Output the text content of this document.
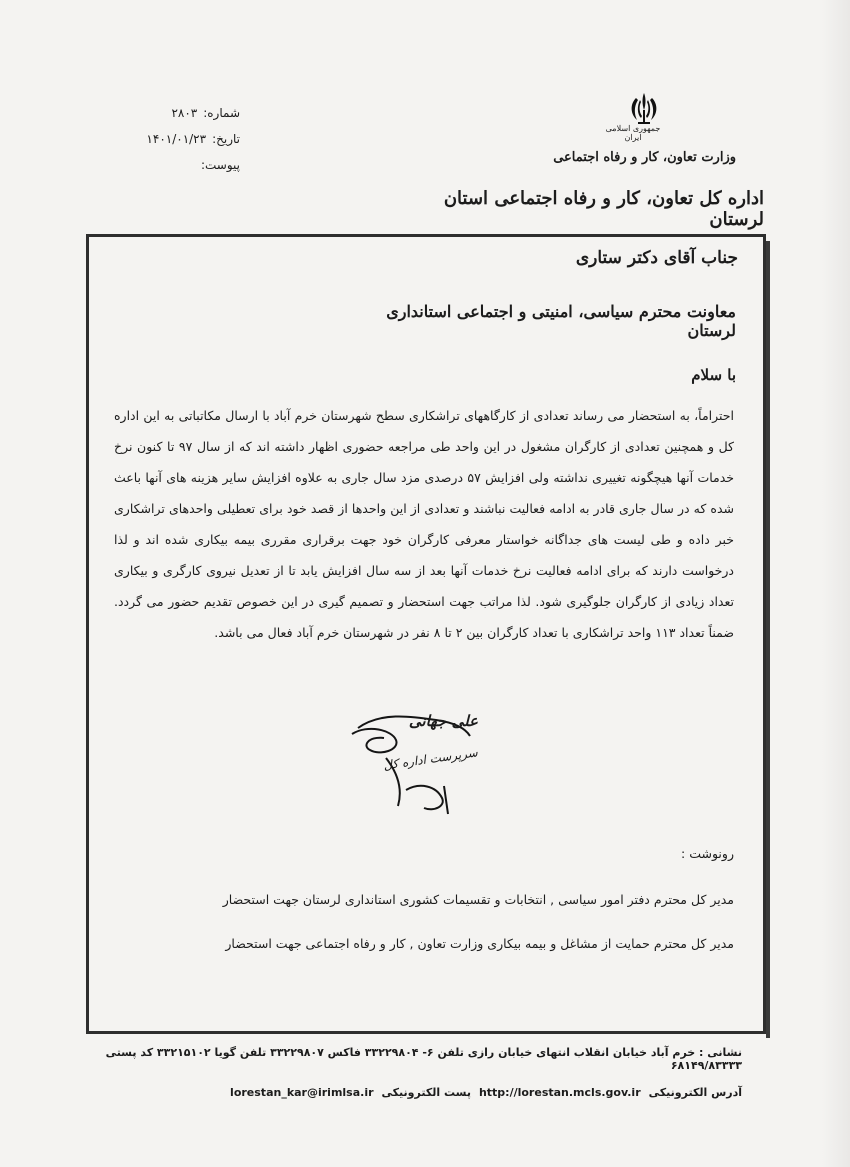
شماره:
۲۸۰۳
تاریخ:
۱۴۰۱/۰۱/۲۳
پیوست:
جمهوری اسلامی ایران
وزارت تعاون، کار و رفاه اجتماعی
اداره کل تعاون، کار و رفاه اجتماعی استان لرستان
جناب آقای دکتر ستاری
معاونت محترم سیاسی، امنیتی و اجتماعی استانداری لرستان
با سلام
احتراماً، به استحضار می رساند تعدادی از کارگاههای تراشکاری سطح شهرستان خرم آباد با ارسال مکاتباتی به این اداره کل و همچنین تعدادی از کارگران مشغول در این واحد طی مراجعه حضوری اظهار داشته اند که از سال ۹۷ تا کنون نرخ خدمات آنها هیچگونه تغییری نداشته ولی افزایش ۵۷ درصدی مزد سال جاری به علاوه افزایش سایر هزینه های آنها باعث شده که در سال جاری قادر به ادامه فعالیت نباشند و تعدادی از این واحدها از قصد خود برای تعطیلی واحدهای تراشکاری خبر داده و طی لیست های جداگانه خواستار معرفی کارگران خود جهت برقراری مقرری بیمه بیکاری شده اند و لذا درخواست دارند که برای ادامه فعالیت نرخ خدمات آنها بعد از سه سال افزایش یابد تا از تعدیل نیروی کارگری و بیکاری تعداد زیادی از کارگران جلوگیری شود. لذا مراتب جهت استحضار و تصمیم گیری در این خصوص تقدیم حضور می گردد. ضمناً تعداد ۱۱۳ واحد تراشکاری با تعداد کارگران بین ۲ تا ۸ نفر در شهرستان خرم آباد فعال می باشد.
علی جهانی
سرپرست اداره کل
رونوشت :
مدیر کل محترم دفتر امور سیاسی , انتخابات و تقسیمات کشوری استانداری لرستان جهت استحضار
مدیر کل محترم حمایت از مشاغل و بیمه بیکاری وزارت تعاون , کار و رفاه اجتماعی جهت استحضار
نشانی : خرم آباد خیابان انقلاب انتهای خیابان رازی تلفن ۶- ۳۳۲۲۹۸۰۴ فاکس ۳۳۲۲۹۸۰۷ تلفن گویا ۳۳۲۱۵۱۰۲ کد پستی ۶۸۱۴۹/۸۳۳۳۳
آدرس الکترونیکی
http://lorestan.mcls.gov.ir
پست الکترونیکی
lorestan_kar@irimlsa.ir
